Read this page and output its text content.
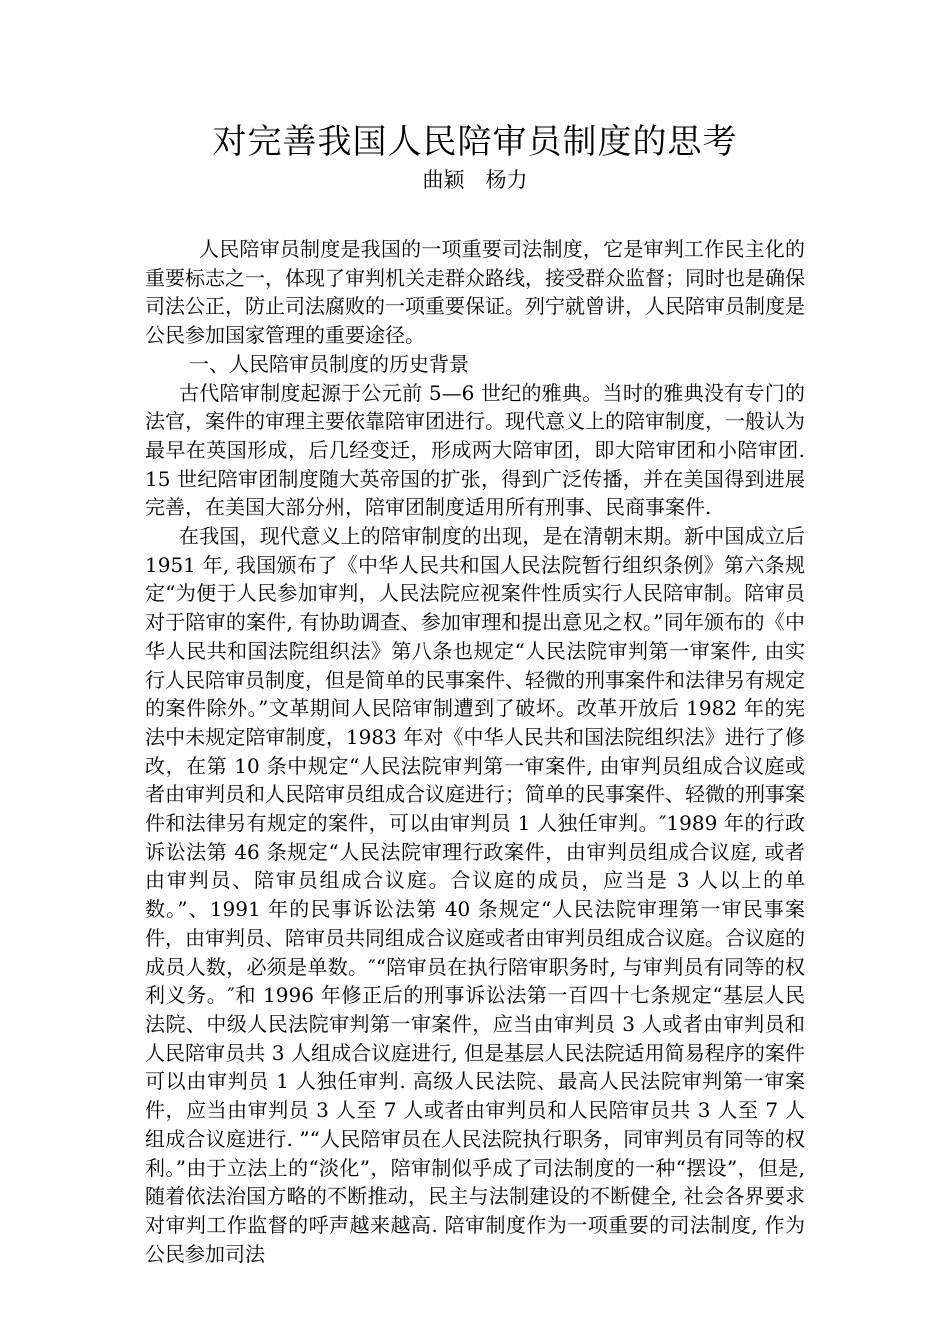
对完善我国人民陪审员制度的思考
曲颖　杨力

人民陪审员制度是我国的一项重要司法制度，它是审判工作民主化的重要标志之一，体现了审判机关走群众路线，接受群众监督；同时也是确保司法公正，防止司法腐败的一项重要保证。列宁就曾讲，人民陪审员制度是公民参加国家管理的重要途径。

一、人民陪审员制度的历史背景

古代陪审制度起源于公元前 5—6 世纪的雅典。当时的雅典没有专门的法官，案件的审理主要依靠陪审团进行。现代意义上的陪审制度，一般认为最早在英国形成，后几经变迁，形成两大陪审团，即大陪审团和小陪审团. 15 世纪陪审团制度随大英帝国的扩张，得到广泛传播，并在美国得到进展完善，在美国大部分州，陪审团制度适用所有刑事、民商事案件.

在我国，现代意义上的陪审制度的出现，是在清朝末期。新中国成立后 1951 年, 我国颁布了《中华人民共和国人民法院暂行组织条例》第六条规定“为便于人民参加审判，人民法院应视案件性质实行人民陪审制。陪审员对于陪审的案件, 有协助调查、参加审理和提出意见之权。”同年颁布的《中华人民共和国法院组织法》第八条也规定“人民法院审判第一审案件, 由实行人民陪审员制度，但是简单的民事案件、轻微的刑事案件和法律另有规定的案件除外。”文革期间人民陪审制遭到了破坏。改革开放后 1982 年的宪法中未规定陪审制度，1983 年对《中华人民共和国法院组织法》进行了修改，在第 10 条中规定“人民法院审判第一审案件, 由审判员组成合议庭或者由审判员和人民陪审员组成合议庭进行；简单的民事案件、轻微的刑事案件和法律另有规定的案件，可以由审判员 1 人独任审判。″1989 年的行政诉讼法第 46 条规定“人民法院审理行政案件，由审判员组成合议庭, 或者由审判员、陪审员组成合议庭。合议庭的成员，应当是 3 人以上的单数。”、1991 年的民事诉讼法第 40 条规定“人民法院审理第一审民事案件，由审判员、陪审员共同组成合议庭或者由审判员组成合议庭。合议庭的成员人数，必须是单数。″“陪审员在执行陪审职务时, 与审判员有同等的权利义务。″和 1996 年修正后的刑事诉讼法第一百四十七条规定“基层人民法院、中级人民法院审判第一审案件，应当由审判员 3 人或者由审判员和人民陪审员共 3 人组成合议庭进行, 但是基层人民法院适用简易程序的案件可以由审判员 1 人独任审判. 高级人民法院、最高人民法院审判第一审案件，应当由审判员 3 人至 7 人或者由审判员和人民陪审员共 3 人至 7 人组成合议庭进行. ”“人民陪审员在人民法院执行职务，同审判员有同等的权利。”由于立法上的“淡化”，陪审制似乎成了司法制度的一种“摆设”，但是, 随着依法治国方略的不断推动，民主与法制建设的不断健全, 社会各界要求对审判工作监督的呼声越来越高. 陪审制度作为一项重要的司法制度, 作为公民参加司法
